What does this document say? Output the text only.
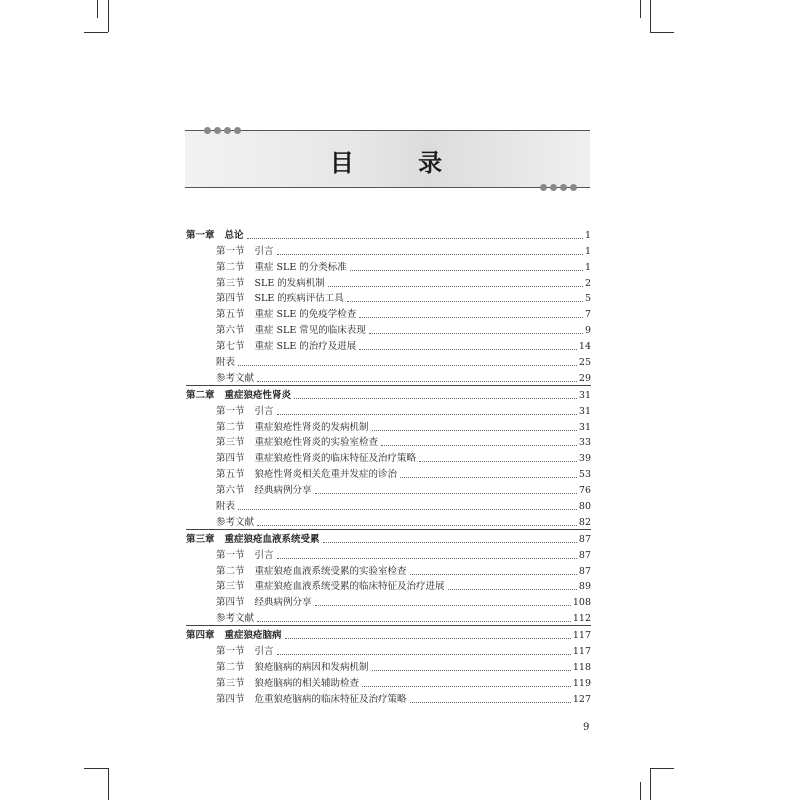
目 录
第一章 总论	1
第一节 引言	1
第二节 重症 SLE 的分类标准	1
第三节 SLE 的发病机制	2
第四节 SLE 的疾病评估工具	5
第五节 重症 SLE 的免疫学检查	7
第六节 重症 SLE 常见的临床表现	9
第七节 重症 SLE 的治疗及进展	14
附表	25
参考文献	29
第二章 重症狼疮性肾炎	31
第一节 引言	31
第二节 重症狼疮性肾炎的发病机制	31
第三节 重症狼疮性肾炎的实验室检查	33
第四节 重症狼疮性肾炎的临床特征及治疗策略	39
第五节 狼疮性肾炎相关危重并发症的诊治	53
第六节 经典病例分享	76
附表	80
参考文献	82
第三章 重症狼疮血液系统受累	87
第一节 引言	87
第二节 重症狼疮血液系统受累的实验室检查	87
第三节 重症狼疮血液系统受累的临床特征及治疗进展	89
第四节 经典病例分享	108
参考文献	112
第四章 重症狼疮脑病	117
第一节 引言	117
第二节 狼疮脑病的病因和发病机制	118
第三节 狼疮脑病的相关辅助检查	119
第四节 危重狼疮脑病的临床特征及治疗策略	127
9
